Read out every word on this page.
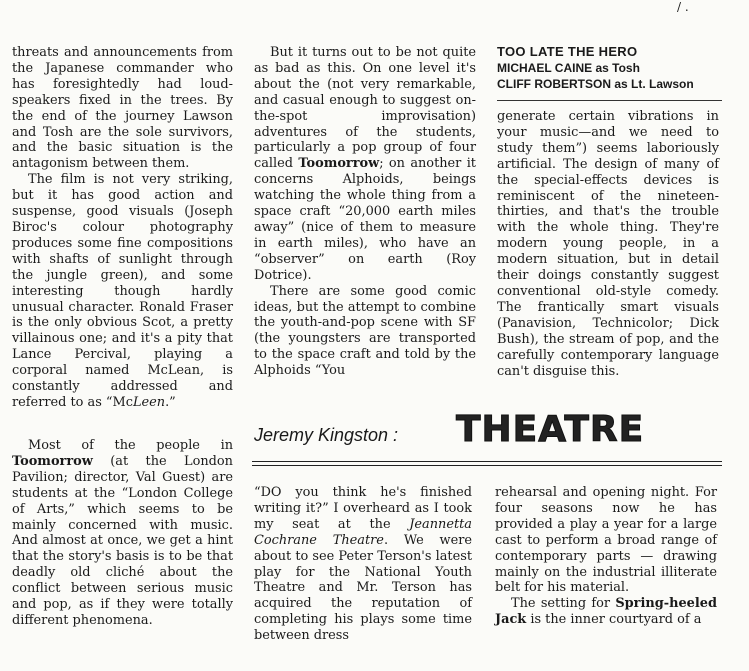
/ .

threats and announcements from the Japanese commander who has foresightedly had loud-speakers fixed in the trees. By the end of the journey Lawson and Tosh are the sole survivors, and the basic situation is the antagonism between them.

The film is not very striking, but it has good action and suspense, good visuals (Joseph Biroc's colour photography produces some fine compositions with shafts of sunlight through the jungle green), and some interesting though hardly unusual character. Ronald Fraser is the only obvious Scot, a pretty villainous one; and it's a pity that Lance Percival, playing a corporal named McLean, is constantly addressed and referred to as “McLeen.”

Most of the people in Toomorrow (at the London Pavilion; director, Val Guest) are students at the “London College of Arts,” which seems to be mainly concerned with music. And almost at once, we get a hint that the story's basis is to be that deadly old cliché about the conflict between serious music and pop, as if they were totally different phenomena.

But it turns out to be not quite as bad as this. On one level it's about the (not very remarkable, and casual enough to suggest on-the-spot improvisation) adventures of the students, particularly a pop group of four called Toomorrow; on another it concerns Alphoids, beings watching the whole thing from a space craft “20,000 earth miles away” (nice of them to measure in earth miles), who have an “observer” on earth (Roy Dotrice).

There are some good comic ideas, but the attempt to combine the youth-and-pop scene with SF (the youngsters are transported to the space craft and told by the Alphoids “You

TOO LATE THE HERO
MICHAEL CAINE as Tosh
CLIFF ROBERTSON as Lt. Lawson

generate certain vibrations in your music—and we need to study them”) seems laboriously artificial. The design of many of the special-effects devices is reminiscent of the nineteen-thirties, and that's the trouble with the whole thing. They're modern young people, in a modern situation, but in detail their doings constantly suggest conventional old-style comedy. The frantically smart visuals (Panavision, Technicolor; Dick Bush), the stream of pop, and the carefully contemporary language can't disguise this.

Jeremy Kingston : THEATRE

“DO you think he's finished writing it?” I overheard as I took my seat at the Jeannetta Cochrane Theatre. We were about to see Peter Terson's latest play for the National Youth Theatre and Mr. Terson has acquired the reputation of completing his plays some time between dress

rehearsal and opening night. For four seasons now he has provided a play a year for a large cast to perform a broad range of contemporary parts — drawing mainly on the industrial illiterate belt for his material.

The setting for Spring-heeled Jack is the inner courtyard of a
